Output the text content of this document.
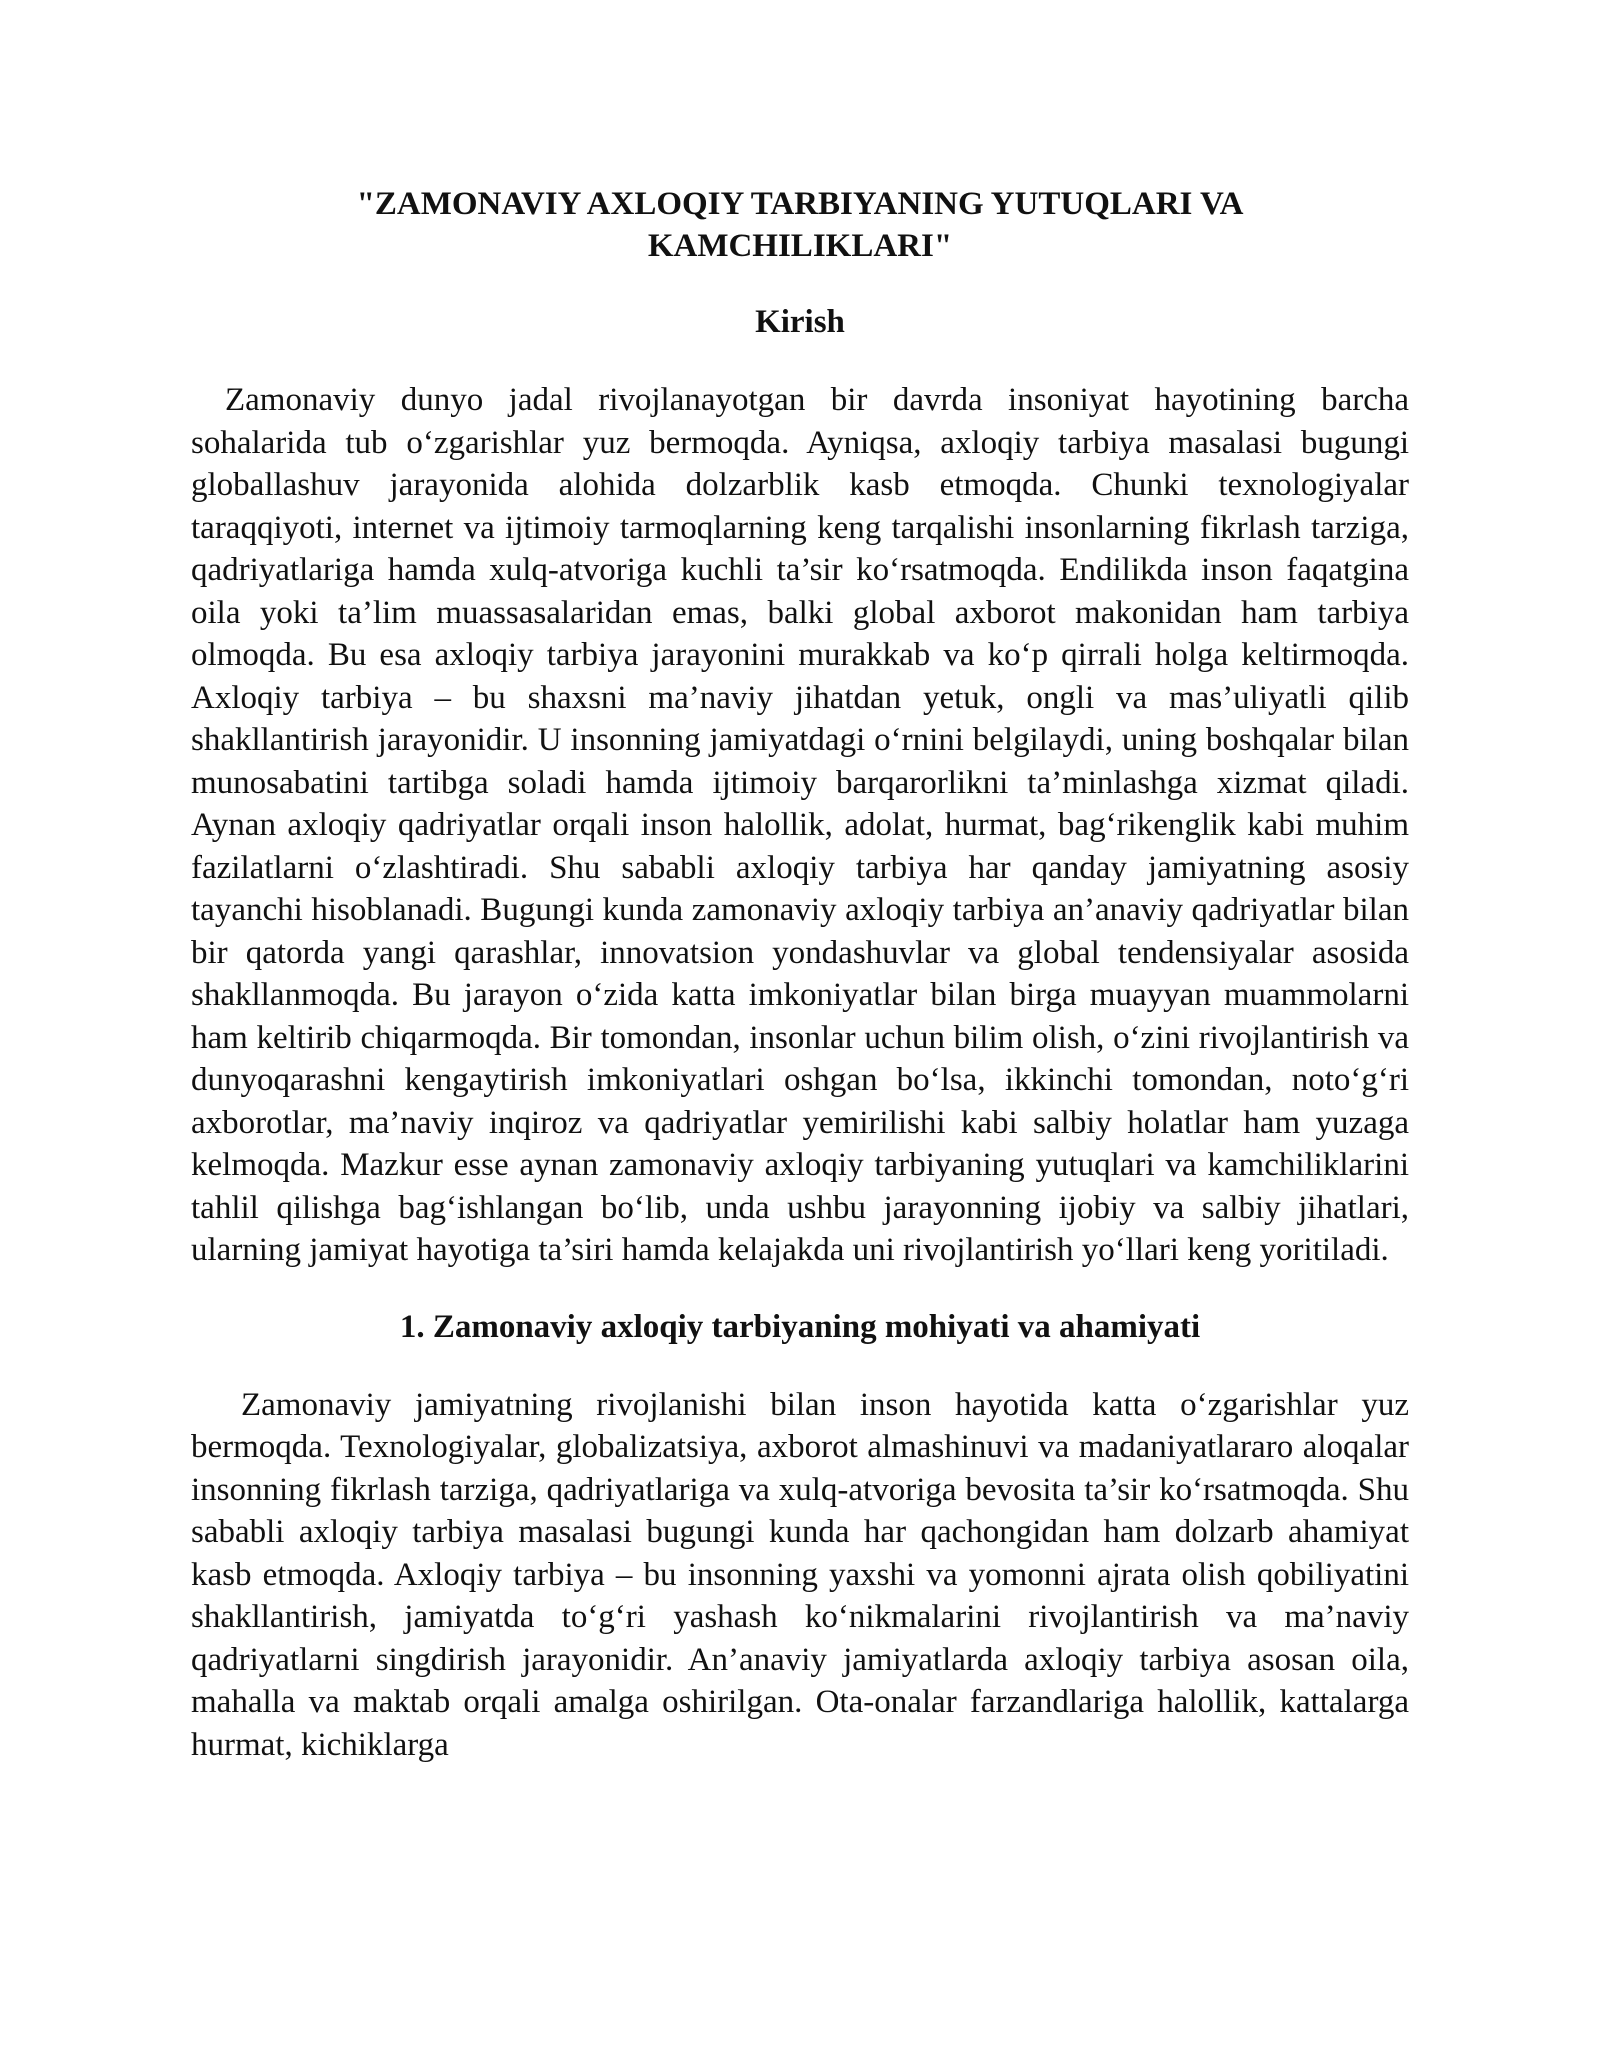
"ZAMONAVIY AXLOQIY TARBIYANING YUTUQLARI VA KAMCHILIKLARI"
Kirish

Zamonaviy dunyo jadal rivojlanayotgan bir davrda insoniyat hayotining barcha sohalarida tub o‘zgarishlar yuz bermoqda. Ayniqsa, axloqiy tarbiya masalasi bugungi globallashuv jarayonida alohida dolzarblik kasb etmoqda. Chunki texnologiyalar taraqqiyoti, internet va ijtimoiy tarmoqlarning keng tarqalishi insonlarning fikrlash tarziga, qadriyatlariga hamda xulq-atvoriga kuchli ta’sir ko‘rsatmoqda. Endilikda inson faqatgina oila yoki ta’lim muassasalaridan emas, balki global axborot makonidan ham tarbiya olmoqda. Bu esa axloqiy tarbiya jarayonini murakkab va ko‘p qirrali holga keltirmoqda. Axloqiy tarbiya – bu shaxsni ma’naviy jihatdan yetuk, ongli va mas’uliyatli qilib shakllantirish jarayonidir. U insonning jamiyatdagi o‘rnini belgilaydi, uning boshqalar bilan munosabatini tartibga soladi hamda ijtimoiy barqarorlikni ta’minlashga xizmat qiladi. Aynan axloqiy qadriyatlar orqali inson halollik, adolat, hurmat, bag‘rikenglik kabi muhim fazilatlarni o‘zlashtiradi. Shu sababli axloqiy tarbiya har qanday jamiyatning asosiy tayanchi hisoblanadi. Bugungi kunda zamonaviy axloqiy tarbiya an’anaviy qadriyatlar bilan bir qatorda yangi qarashlar, innovatsion yondashuvlar va global tendensiyalar asosida shakllanmoqda. Bu jarayon o‘zida katta imkoniyatlar bilan birga muayyan muammolarni ham keltirib chiqarmoqda. Bir tomondan, insonlar uchun bilim olish, o‘zini rivojlantirish va dunyoqarashni kengaytirish imkoniyatlari oshgan bo‘lsa, ikkinchi tomondan, noto‘g‘ri axborotlar, ma’naviy inqiroz va qadriyatlar yemirilishi kabi salbiy holatlar ham yuzaga kelmoqda. Mazkur esse aynan zamonaviy axloqiy tarbiyaning yutuqlari va kamchiliklarini tahlil qilishga bag‘ishlangan bo‘lib, unda ushbu jarayonning ijobiy va salbiy jihatlari, ularning jamiyat hayotiga ta’siri hamda kelajakda uni rivojlantirish yo‘llari keng yoritiladi.

1. Zamonaviy axloqiy tarbiyaning mohiyati va ahamiyati

Zamonaviy jamiyatning rivojlanishi bilan inson hayotida katta o‘zgarishlar yuz bermoqda. Texnologiyalar, globalizatsiya, axborot almashinuvi va madaniyatlararo aloqalar insonning fikrlash tarziga, qadriyatlariga va xulq-atvoriga bevosita ta’sir ko‘rsatmoqda. Shu sababli axloqiy tarbiya masalasi bugungi kunda har qachongidan ham dolzarb ahamiyat kasb etmoqda. Axloqiy tarbiya – bu insonning yaxshi va yomonni ajrata olish qobiliyatini shakllantirish, jamiyatda to‘g‘ri yashash ko‘nikmalarini rivojlantirish va ma’naviy qadriyatlarni singdirish jarayonidir. An’anaviy jamiyatlarda axloqiy tarbiya asosan oila, mahalla va maktab orqali amalga oshirilgan. Ota-onalar farzandlariga halollik, kattalarga hurmat, kichiklarga
